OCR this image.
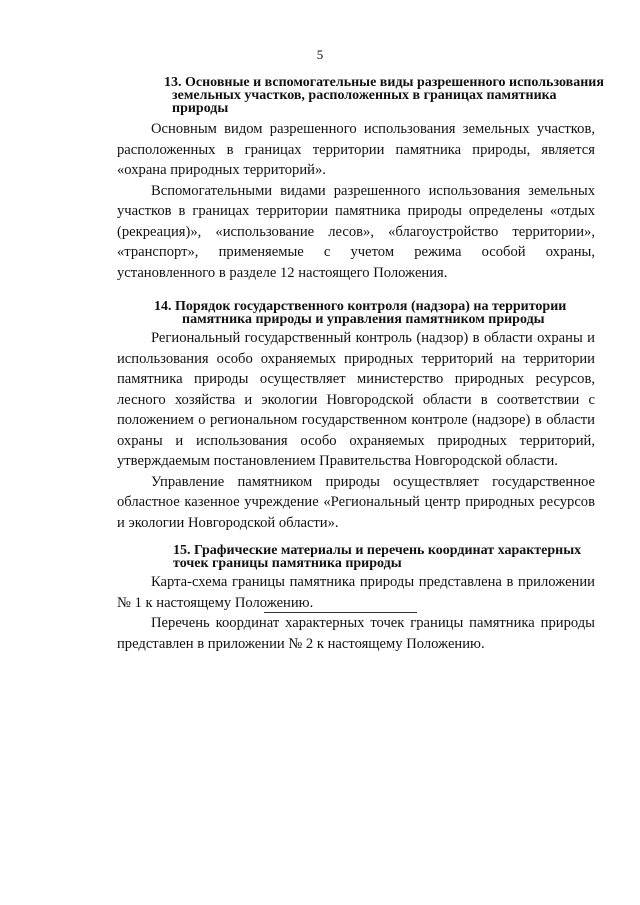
5
13. Основные и вспомогательные виды разрешенного использования
земельных участков, расположенных в границах памятника
природы

Основным видом разрешенного использования земельных участков, расположенных в границах территории памятника природы, является «охрана природных территорий».

Вспомогательными видами разрешенного использования земельных участков в границах территории памятника природы определены «отдых (рекреация)», «использование лесов», «благоустройство территории», «транспорт», применяемые с учетом режима особой охраны, установленного в разделе 12 настоящего Положения.

14. Порядок государственного контроля (надзора) на территории
памятника природы и управления памятником природы

Региональный государственный контроль (надзор) в области охраны и использования особо охраняемых природных территорий на территории памятника природы осуществляет министерство природных ресурсов, лесного хозяйства и экологии Новгородской области в соответствии с положением о региональном государственном контроле (надзоре) в области охраны и использования особо охраняемых природных территорий, утверждаемым постановлением Правительства Новгородской области.

Управление памятником природы осуществляет государственное областное казенное учреждение «Региональный центр природных ресурсов и экологии Новгородской области».

15. Графические материалы и перечень координат характерных
точек границы памятника природы

Карта-схема границы памятника природы представлена в приложении № 1 к настоящему Положению.

Перечень координат характерных точек границы памятника природы представлен в приложении № 2 к настоящему Положению.
